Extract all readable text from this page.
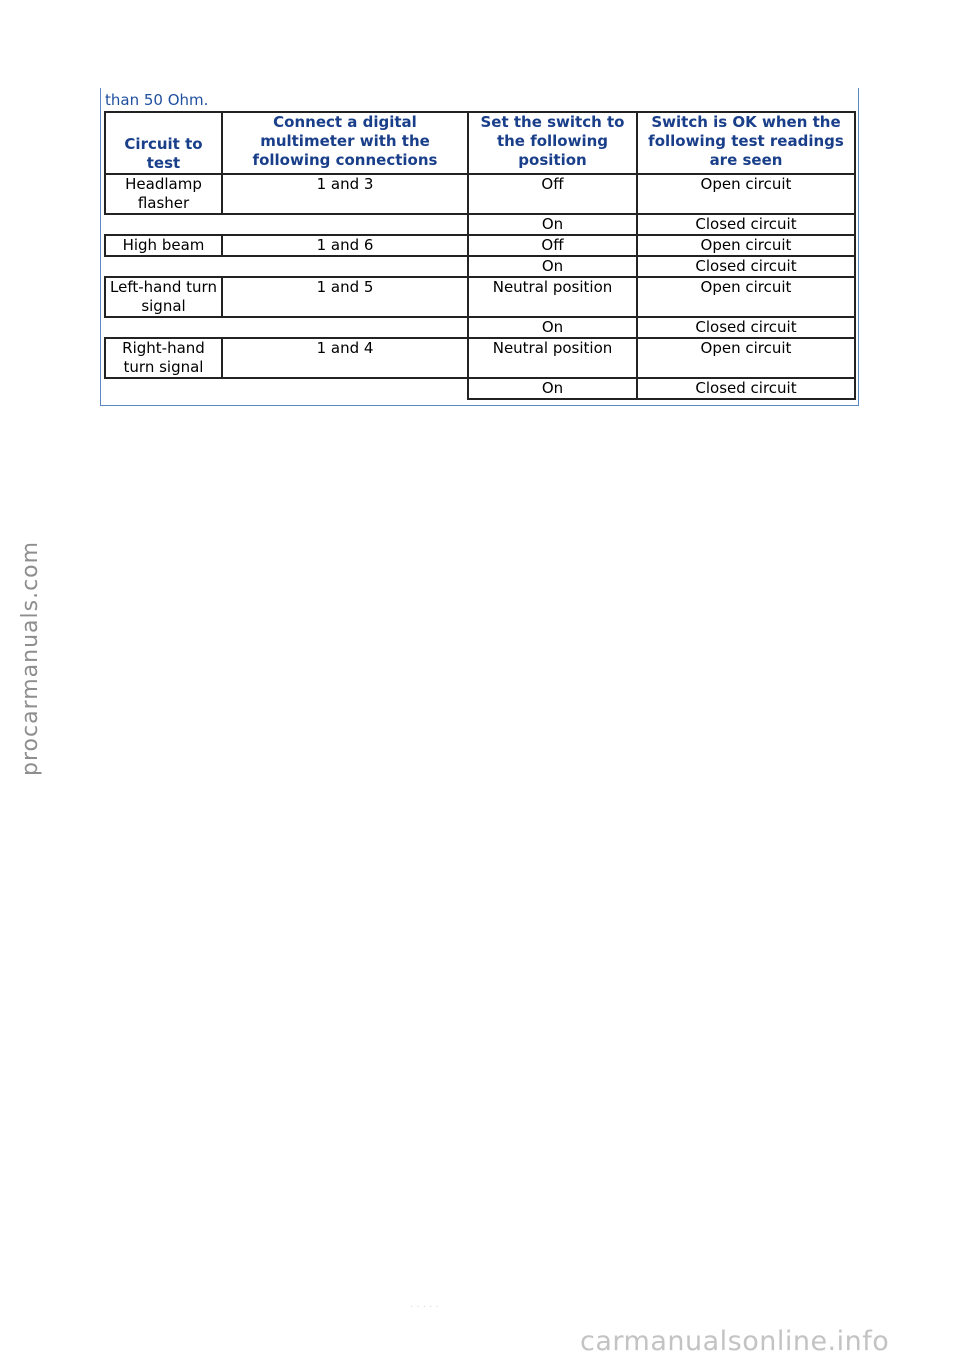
than 50 Ohm.
Circuit to test	Connect a digital multimeter with the following connections	Set the switch to the following position	Switch is OK when the following test readings are seen
Headlamp flasher	1 and 3	Off	Open circuit
		On	Closed circuit
High beam	1 and 6	Off	Open circuit
		On	Closed circuit
Left-hand turn signal	1 and 5	Neutral position	Open circuit
		On	Closed circuit
Right-hand turn signal	1 and 4	Neutral position	Open circuit
		On	Closed circuit
· · · · ·
procarmanuals.com
carmanualsonline.info
